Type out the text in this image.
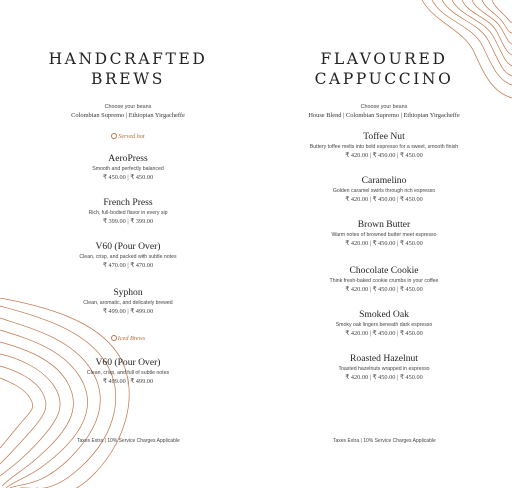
HANDCRAFTED
BREWS
Choose your beans
Colombian Supremo | Ethiopian Yirgacheffe
Served hot
AeroPress
Smooth and perfectly balanced
₹ 450.00 | ₹ 450.00
French Press
Rich, full-bodied flavor in every sip
₹ 399.00 | ₹ 399.00
V60 (Pour Over)
Clean, crisp, and packed with subtle notes
₹ 470.00 | ₹ 470.00
Syphon
Clean, aromatic, and delicately brewed
₹ 499.00 | ₹ 499.00
Iced Brews
V60 (Pour Over)
Clean, crisp, and full of subtle notes
₹ 499.00 | ₹ 499.00
Taxes Extra | 10% Service Charges Applicable
FLAVOURED
CAPPUCCINO
Choose your beans
House Blend | Colombian Supremo | Ethiopian Yirgacheffe
Toffee Nut
Buttery toffee melts into bold espresso for a sweet, smooth finish
₹ 420.00 | ₹ 450.00 | ₹ 450.00
Caramelino
Golden caramel swirls through rich espresso
₹ 420.00 | ₹ 450.00 | ₹ 450.00
Brown Butter
Warm notes of browned butter meet espresso
₹ 420.00 | ₹ 450.00 | ₹ 450.00
Chocolate Cookie
Think fresh-baked cookie crumbs in your coffee
₹ 420.00 | ₹ 450.00 | ₹ 450.00
Smoked Oak
Smoky oak lingers beneath dark espresso
₹ 420.00 | ₹ 450.00 | ₹ 450.00
Roasted Hazelnut
Toasted hazelnuts wrapped in espresso
₹ 420.00 | ₹ 450.00 | ₹ 450.00
Taxes Extra | 10% Service Charges Applicable
